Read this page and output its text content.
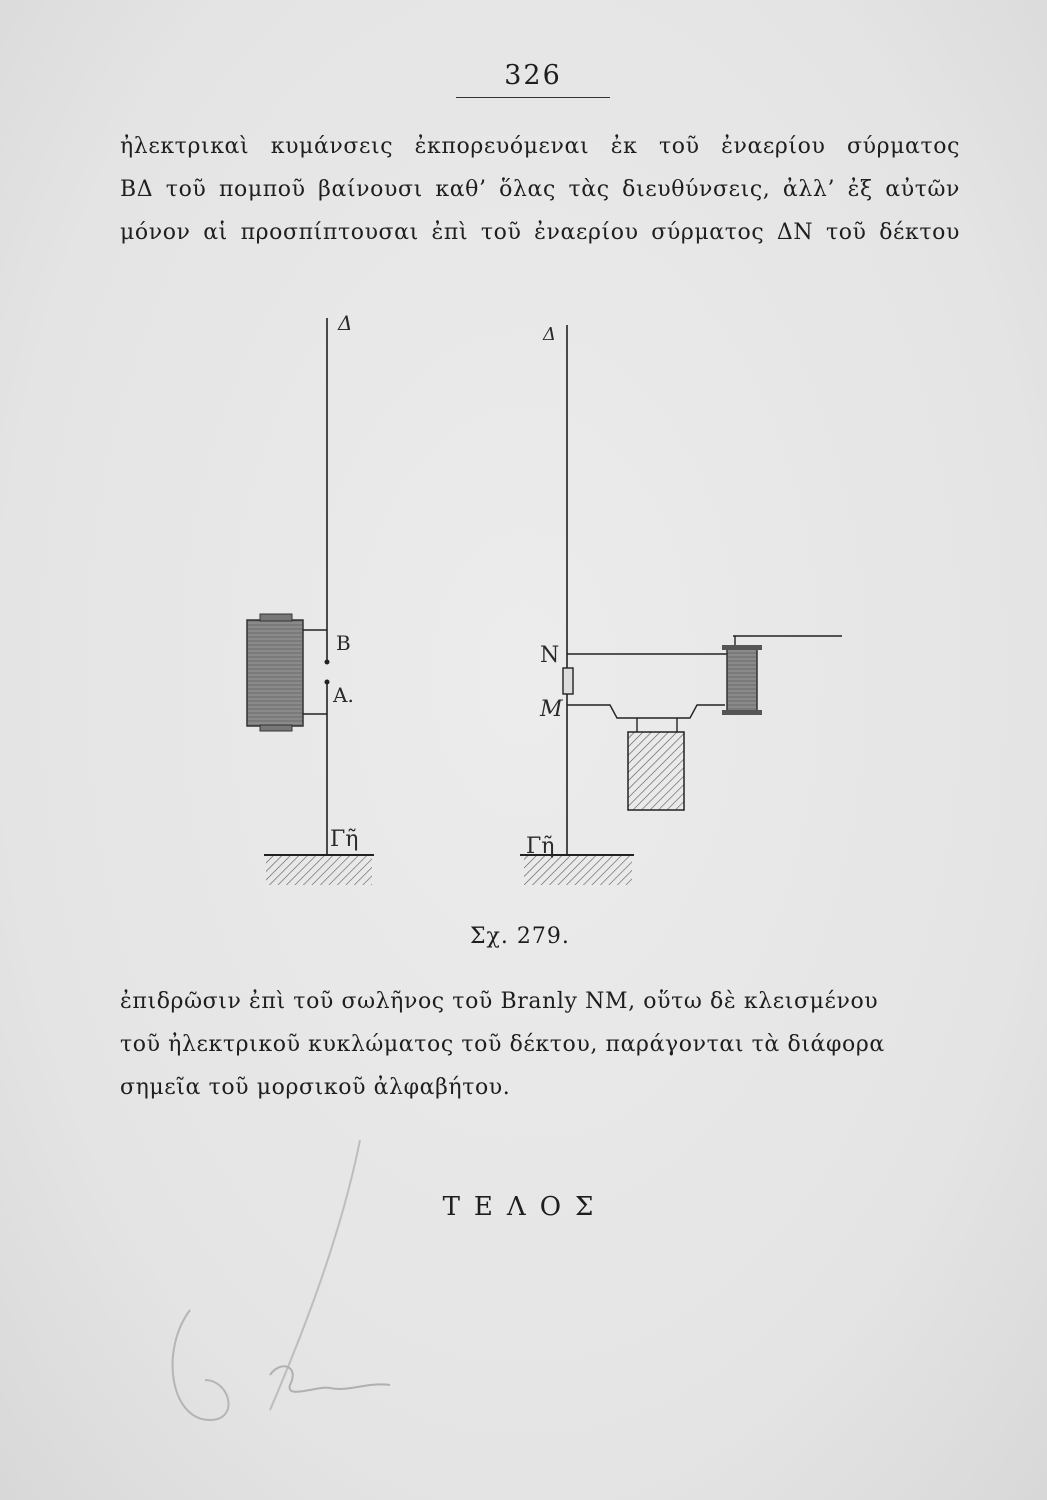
326
ἠλεκτρικαὶ κυμάνσεις ἐκπορευόμεναι ἐκ τοῦ ἐναερίου σύρματος
ΒΔ τοῦ πομποῦ βαίνουσι καθ’ ὅλας τὰς διευθύνσεις, ἀλλ’ ἐξ αὐτῶν
μόνον αἱ προσπίπτουσαι ἐπὶ τοῦ ἐναερίου σύρματος ΔΝ τοῦ δέκτου
Δ
Β
Α.
Γῆ
Δ
Ν
Μ
Γῆ
Σχ. 279.
ἐπιδρῶσιν ἐπὶ τοῦ σωλῆνος τοῦ Branly ΝΜ, οὕτω δὲ κλεισμένου
τοῦ ἠλεκτρικοῦ κυκλώματος τοῦ δέκτου, παράγονται τὰ διάφορα
σημεῖα τοῦ μορσικοῦ ἀλφαβήτου.
ΤΕΛΟΣ
